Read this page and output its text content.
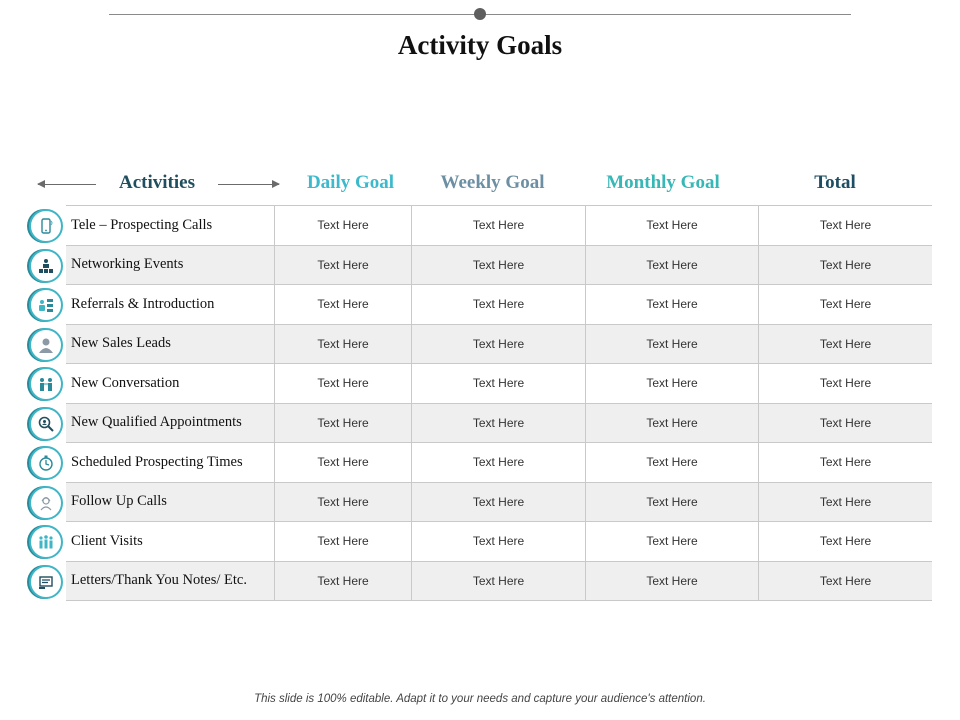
Activity Goals
Activities	Daily Goal	Weekly Goal	Monthly Goal	Total
Tele – Prospecting Calls	Text Here	Text Here	Text Here	Text Here
Networking Events	Text Here	Text Here	Text Here	Text Here
Referrals & Introduction	Text Here	Text Here	Text Here	Text Here
New Sales Leads	Text Here	Text Here	Text Here	Text Here
New Conversation	Text Here	Text Here	Text Here	Text Here
New Qualified Appointments	Text Here	Text Here	Text Here	Text Here
Scheduled Prospecting Times	Text Here	Text Here	Text Here	Text Here
Follow Up Calls	Text Here	Text Here	Text Here	Text Here
Client Visits	Text Here	Text Here	Text Here	Text Here
Letters/Thank You Notes/ Etc.	Text Here	Text Here	Text Here	Text Here
This slide is 100% editable. Adapt it to your needs and capture your audience's attention.
